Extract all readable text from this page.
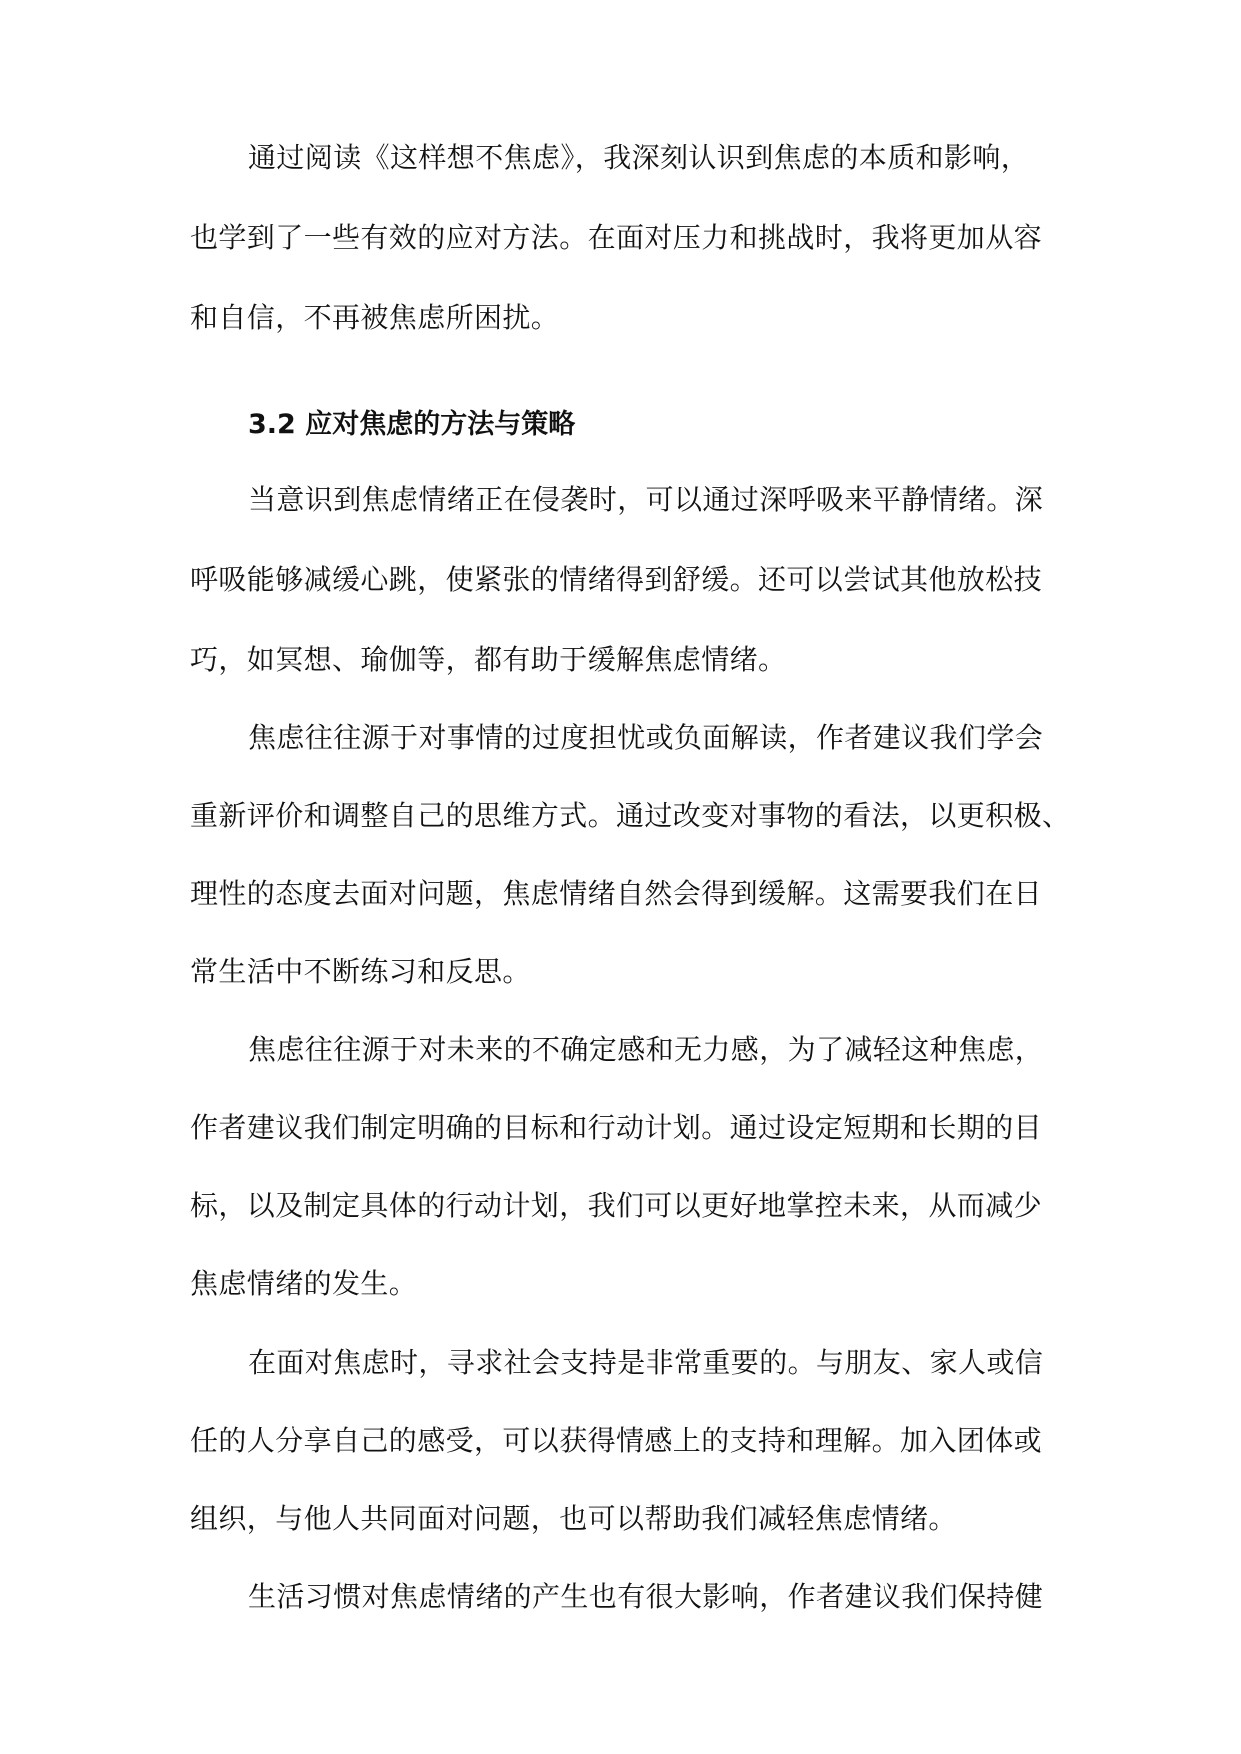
通过阅读《这样想不焦虑》，我深刻认识到焦虑的本质和影响，

也学到了一些有效的应对方法。在面对压力和挑战时，我将更加从容

和自信，不再被焦虑所困扰。

3.2 应对焦虑的方法与策略

当意识到焦虑情绪正在侵袭时，可以通过深呼吸来平静情绪。深

呼吸能够减缓心跳，使紧张的情绪得到舒缓。还可以尝试其他放松技

巧，如冥想、瑜伽等，都有助于缓解焦虑情绪。

焦虑往往源于对事情的过度担忧或负面解读，作者建议我们学会

重新评价和调整自己的思维方式。通过改变对事物的看法，以更积极、

理性的态度去面对问题，焦虑情绪自然会得到缓解。这需要我们在日

常生活中不断练习和反思。

焦虑往往源于对未来的不确定感和无力感，为了减轻这种焦虑，

作者建议我们制定明确的目标和行动计划。通过设定短期和长期的目

标，以及制定具体的行动计划，我们可以更好地掌控未来，从而减少

焦虑情绪的发生。

在面对焦虑时，寻求社会支持是非常重要的。与朋友、家人或信

任的人分享自己的感受，可以获得情感上的支持和理解。加入团体或

组织，与他人共同面对问题，也可以帮助我们减轻焦虑情绪。

生活习惯对焦虑情绪的产生也有很大影响，作者建议我们保持健
